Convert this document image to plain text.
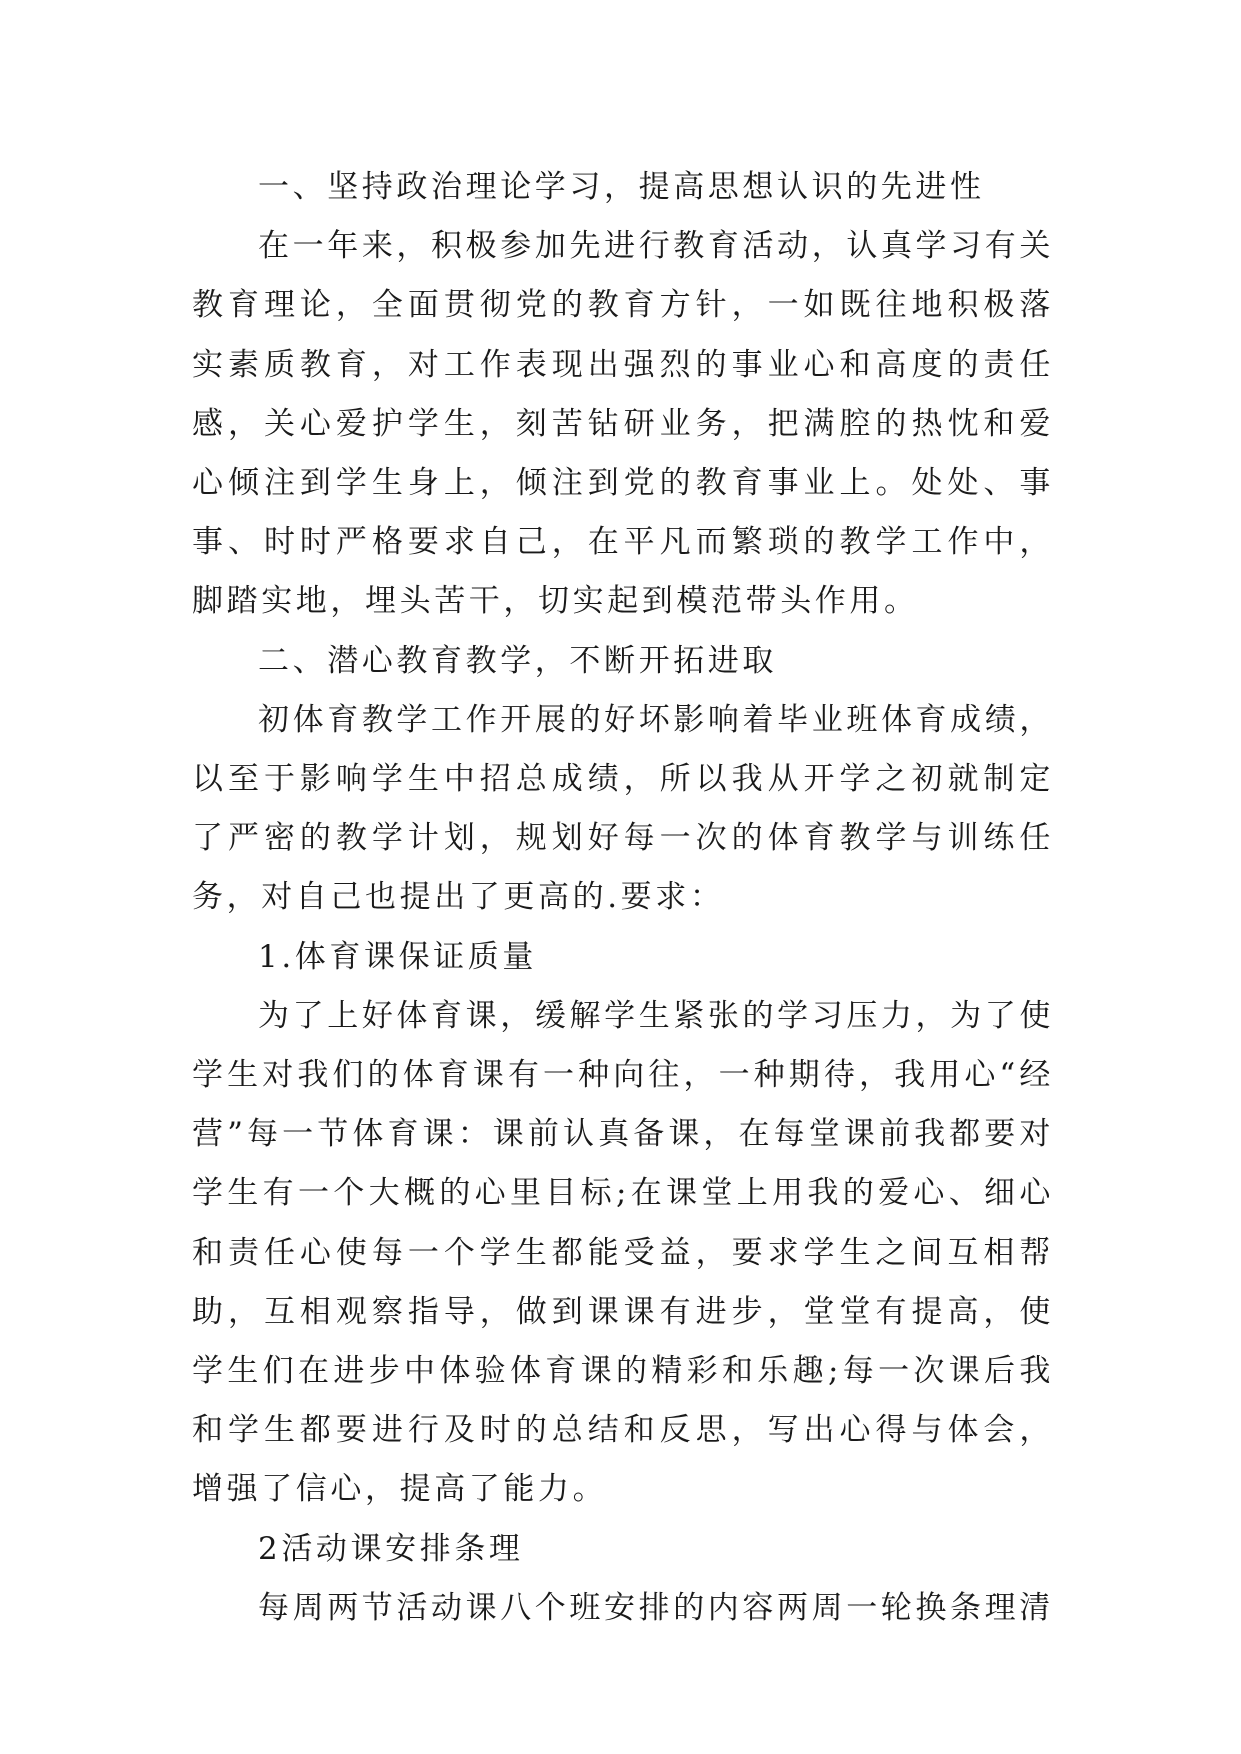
一、坚持政治理论学习，提高思想认识的先进性

在一年来，积极参加先进行教育活动，认真学习有关教育理论，全面贯彻党的教育方针，一如既往地积极落实素质教育，对工作表现出强烈的事业心和高度的责任感，关心爱护学生，刻苦钻研业务，把满腔的热忱和爱心倾注到学生身上，倾注到党的教育事业上。处处、事事、时时严格要求自己，在平凡而繁琐的教学工作中，脚踏实地，埋头苦干，切实起到模范带头作用。

二、潜心教育教学，不断开拓进取

初体育教学工作开展的好坏影响着毕业班体育成绩，以至于影响学生中招总成绩，所以我从开学之初就制定了严密的教学计划，规划好每一次的体育教学与训练任务，对自己也提出了更高的.要求：

1.体育课保证质量

为了上好体育课，缓解学生紧张的学习压力，为了使学生对我们的体育课有一种向往，一种期待，我用心“经营”每一节体育课：课前认真备课，在每堂课前我都要对学生有一个大概的心里目标;在课堂上用我的爱心、细心和责任心使每一个学生都能受益，要求学生之间互相帮助，互相观察指导，做到课课有进步，堂堂有提高，使学生们在进步中体验体育课的精彩和乐趣;每一次课后我和学生都要进行及时的总结和反思，写出心得与体会，增强了信心，提高了能力。

2活动课安排条理

每周两节活动课八个班安排的内容两周一轮换条理清
